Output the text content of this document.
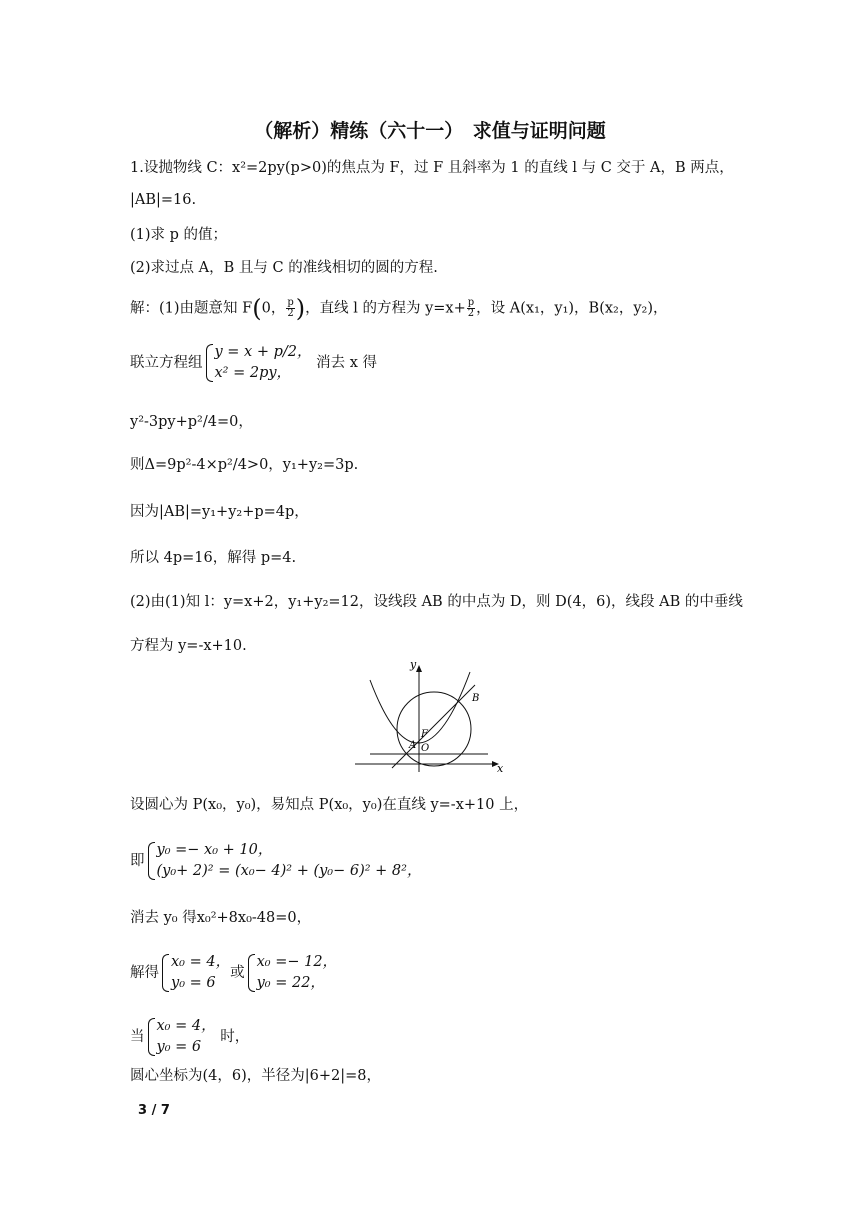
（解析）精练（六十一）　求值与证明问题
1.设抛物线 C：x²=2py(p>0)的焦点为 F，过 F 且斜率为 1 的直线 l 与 C 交于 A，B 两点，
|AB|=16.
(1)求 p 的值；
(2)求过点 A，B 且与 C 的准线相切的圆的方程.
解：(1)由题意知 F(0， $\frac{p}{2}$ )，直线 l 的方程为 $y=x+ \frac{p}{2}$ ，设 A(x₁，y₁)，B(x₂，y₂)，
联立方程组
y = x + p/2，
x² = 2py，
消去 x 得
y²-3py+p²/4=0，
则Δ=9p²-4×p²/4>0，y₁+y₂=3p.
因为|AB|=y₁+y₂+p=4p，
所以 4p=16，解得 p=4.
(2)由(1)知 l：y=x+2，y₁+y₂=12，设线段 AB 的中点为 D，则 D(4，6)，线段 AB 的中垂线
方程为 y=-x+10.
y
x
A
B
F
O
设圆心为 P(x₀，y₀)，易知点 P(x₀，y₀)在直线 y=-x+10 上，
即
y₀ =− x₀ + 10，
(y₀+ 2)² = (x₀− 4)² + (y₀− 6)² + 8²，
消去 y₀ 得x₀²+8x₀-48=0，
解得
x₀ = 4，
y₀ = 6
或
x₀ =− 12，
y₀ = 22，
当
x₀ = 4，
y₀ = 6
时，
圆心坐标为(4，6)，半径为|6+2|=8，
3 / 7
